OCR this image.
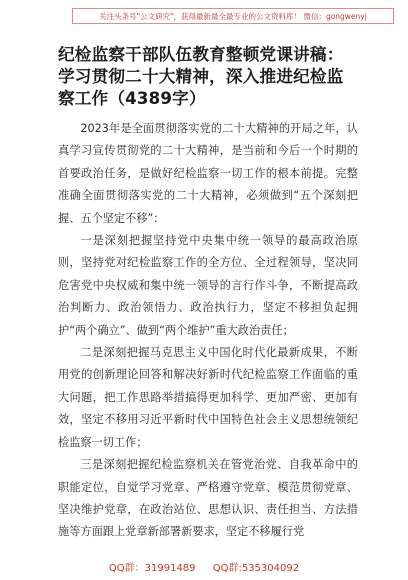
关注头条号"公文研究"，获得最新最全最专业的公文资料库！ 微信：gongwenyj
纪检监察干部队伍教育整顿党课讲稿：学习贯彻二十大精神，深入推进纪检监察工作（4389字）

2023年是全面贯彻落实党的二十大精神的开局之年，认真学习宣传贯彻党的二十大精神，是当前和今后一个时期的首要政治任务，是做好纪检监察一切工作的根本前提。完整准确全面贯彻落实党的二十大精神，必须做到“五个深刻把握、五个坚定不移”：

一是深刻把握坚持党中央集中统一领导的最高政治原则，坚持党对纪检监察工作的全方位、全过程领导，坚决同危害党中央权威和集中统一领导的言行作斗争，不断提高政治判断力、政治领悟力、政治执行力，坚定不移担负起拥护“两个确立”、做到“两个维护”重大政治责任；

二是深刻把握马克思主义中国化时代化最新成果，不断用党的创新理论回答和解决好新时代纪检监察工作面临的重大问题，把工作思路举措搞得更加科学、更加严密、更加有效，坚定不移用习近平新时代中国特色社会主义思想统领纪检监察一切工作；

三是深刻把握纪检监察机关在管党治党、自我革命中的职能定位，自觉学习党章、严格遵守党章、模范贯彻党章、坚决维护党章，在政治站位、思想认识、责任担当、方法措施等方面跟上党章新部署新要求，坚定不移履行党

QQ群：31991489 QQ群:535304092
